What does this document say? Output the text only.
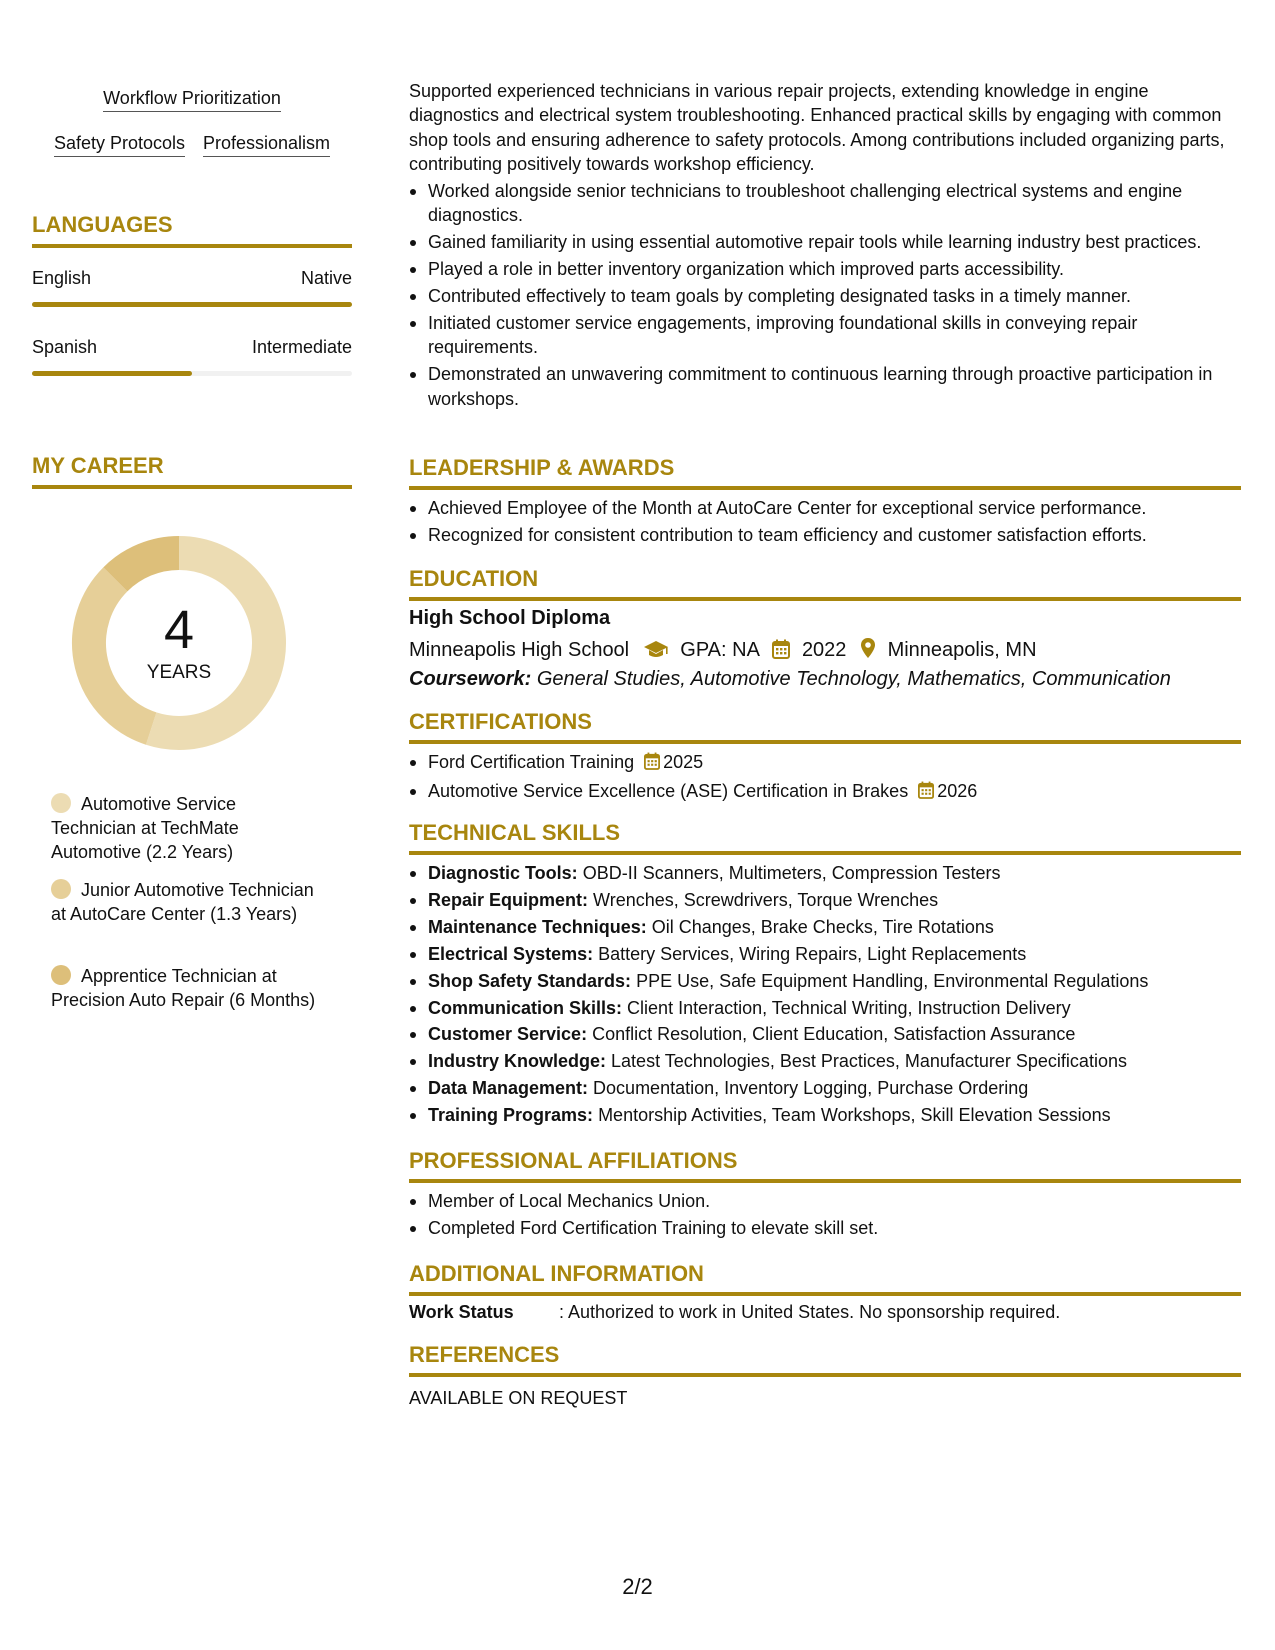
Workflow Prioritization
Safety Protocols Professionalism
LANGUAGES
English	Native
Spanish	Intermediate
MY CAREER
4
YEARS
Automotive Service Technician at TechMate Automotive (2.2 Years)
Junior Automotive Technician at AutoCare Center (1.3 Years)
Apprentice Technician at Precision Auto Repair (6 Months)
Supported experienced technicians in various repair projects, extending knowledge in engine diagnostics and electrical system troubleshooting. Enhanced practical skills by engaging with common shop tools and ensuring adherence to safety protocols. Among contributions included organizing parts, contributing positively towards workshop efficiency.
Worked alongside senior technicians to troubleshoot challenging electrical systems and engine diagnostics.
Gained familiarity in using essential automotive repair tools while learning industry best practices.
Played a role in better inventory organization which improved parts accessibility.
Contributed effectively to team goals by completing designated tasks in a timely manner.
Initiated customer service engagements, improving foundational skills in conveying repair requirements.
Demonstrated an unwavering commitment to continuous learning through proactive participation in workshops.
LEADERSHIP & AWARDS
Achieved Employee of the Month at AutoCare Center for exceptional service performance.
Recognized for consistent contribution to team efficiency and customer satisfaction efforts.
EDUCATION
High School Diploma
Minneapolis High School	GPA: NA 2022 Minneapolis, MN
Coursework: General Studies, Automotive Technology, Mathematics, Communication
CERTIFICATIONS
Ford Certification Training 2025
Automotive Service Excellence (ASE) Certification in Brakes 2026
TECHNICAL SKILLS
Diagnostic Tools: OBD-II Scanners, Multimeters, Compression Testers
Repair Equipment: Wrenches, Screwdrivers, Torque Wrenches
Maintenance Techniques: Oil Changes, Brake Checks, Tire Rotations
Electrical Systems: Battery Services, Wiring Repairs, Light Replacements
Shop Safety Standards: PPE Use, Safe Equipment Handling, Environmental Regulations
Communication Skills: Client Interaction, Technical Writing, Instruction Delivery
Customer Service: Conflict Resolution, Client Education, Satisfaction Assurance
Industry Knowledge: Latest Technologies, Best Practices, Manufacturer Specifications
Data Management: Documentation, Inventory Logging, Purchase Ordering
Training Programs: Mentorship Activities, Team Workshops, Skill Elevation Sessions
PROFESSIONAL AFFILIATIONS
Member of Local Mechanics Union.
Completed Ford Certification Training to elevate skill set.
ADDITIONAL INFORMATION
Work Status	: Authorized to work in United States. No sponsorship required.
REFERENCES
AVAILABLE ON REQUEST
2/2
